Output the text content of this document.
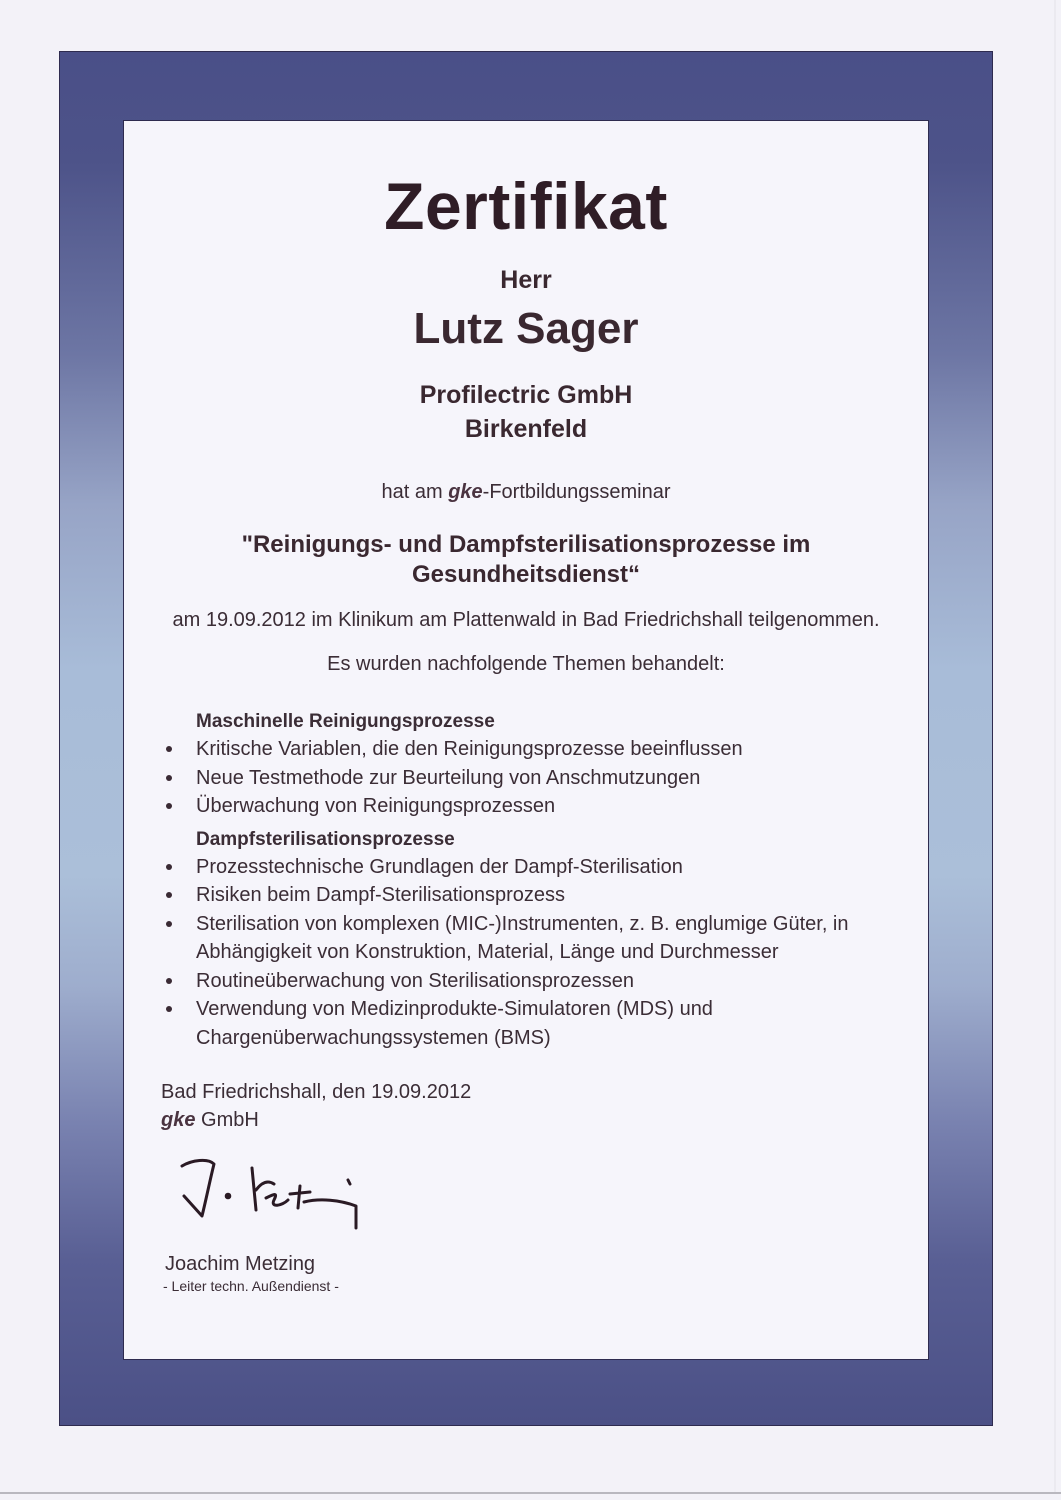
Zertifikat
Herr
Lutz Sager
Profilectric GmbH
Birkenfeld
hat am gke-Fortbildungsseminar
"Reinigungs- und Dampfsterilisationsprozesse im
Gesundheitsdienst“
am 19.09.2012 im Klinikum am Plattenwald in Bad Friedrichshall teilgenommen.
Es wurden nachfolgende Themen behandelt:
Maschinelle Reinigungsprozesse
Kritische Variablen, die den Reinigungsprozesse beeinflussen
Neue Testmethode zur Beurteilung von Anschmutzungen
Überwachung von Reinigungsprozessen
Dampfsterilisationsprozesse
Prozesstechnische Grundlagen der Dampf-Sterilisation
Risiken beim Dampf-Sterilisationsprozess
Sterilisation von komplexen (MIC-)Instrumenten, z. B. englumige Güter, in Abhängigkeit von Konstruktion, Material, Länge und Durchmesser
Routineüberwachung von Sterilisationsprozessen
Verwendung von Medizinprodukte-Simulatoren (MDS) und Chargenüberwachungssystemen (BMS)
Bad Friedrichshall, den 19.09.2012
gke GmbH
Joachim Metzing
- Leiter techn. Außendienst -
